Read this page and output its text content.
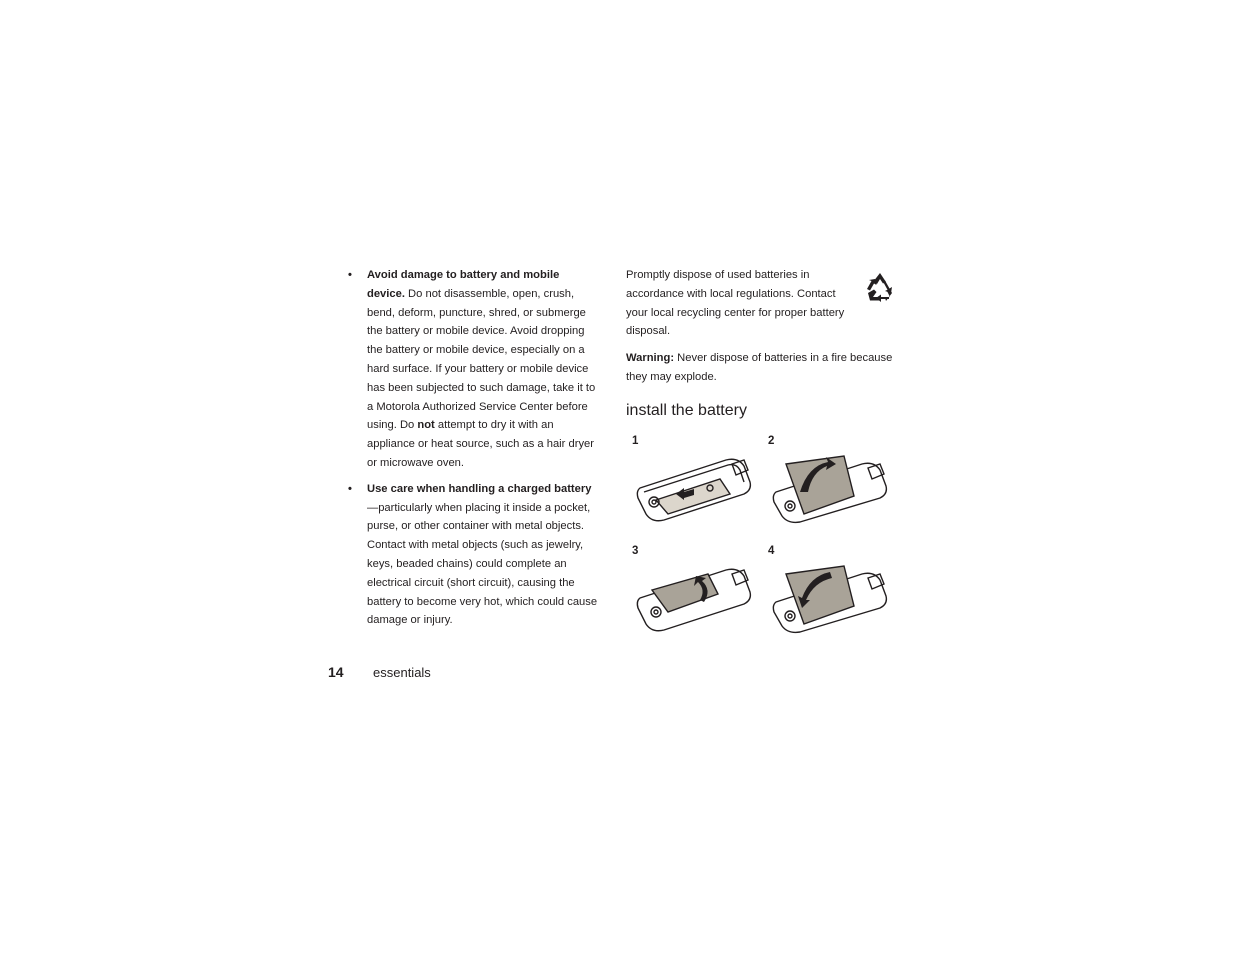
• Avoid damage to battery and mobile device. Do not disassemble, open, crush, bend, deform, puncture, shred, or submerge the battery or mobile device. Avoid dropping the battery or mobile device, especially on a hard surface. If your battery or mobile device has been subjected to such damage, take it to a Motorola Authorized Service Center before using. Do not attempt to dry it with an appliance or heat source, such as a hair dryer or microwave oven.
• Use care when handling a charged battery—particularly when placing it inside a pocket, purse, or other container with metal objects. Contact with metal objects (such as jewelry, keys, beaded chains) could complete an electrical circuit (short circuit), causing the battery to become very hot, which could cause damage or injury.

Promptly dispose of used batteries in accordance with local regulations. Contact your local recycling center for proper battery disposal.

Warning: Never dispose of batteries in a fire because they may explode.

install the battery
1	2
3	4
14 essentials
